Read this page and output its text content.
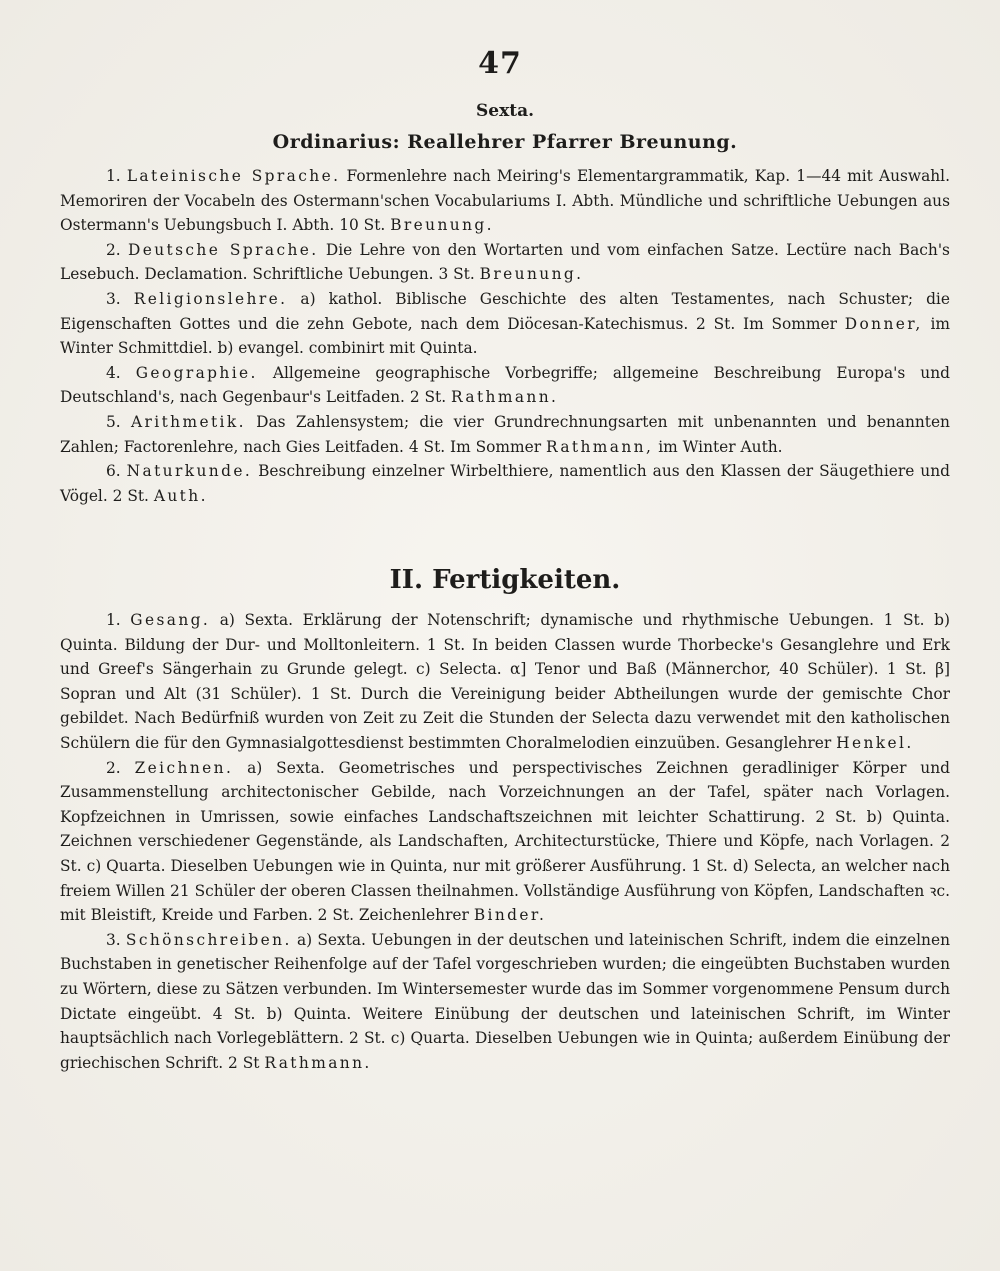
47
Sexta.
Ordinarius: Reallehrer Pfarrer Breunung.

1. Lateinische Sprache. Formenlehre nach Meiring's Elementargrammatik, Kap. 1—44 mit Auswahl. Memoriren der Vocabeln des Ostermann'schen Vocabulariums I. Abth. Mündliche und schriftliche Uebungen aus Ostermann's Uebungsbuch I. Abth. 10 St. Breunung.

2. Deutsche Sprache. Die Lehre von den Wortarten und vom einfachen Satze. Lectüre nach Bach's Lesebuch. Declamation. Schriftliche Uebungen. 3 St. Breunung.

3. Religionslehre. a) kathol. Biblische Geschichte des alten Testamentes, nach Schuster; die Eigenschaften Gottes und die zehn Gebote, nach dem Diöcesan-Katechismus. 2 St. Im Sommer Donner, im Winter Schmittdiel. b) evangel. combinirt mit Quinta.

4. Geographie. Allgemeine geographische Vorbegriffe; allgemeine Beschreibung Europa's und Deutschland's, nach Gegenbaur's Leitfaden. 2 St. Rathmann.

5. Arithmetik. Das Zahlensystem; die vier Grundrechnungsarten mit unbenannten und benannten Zahlen; Factorenlehre, nach Gies Leitfaden. 4 St. Im Sommer Rathmann, im Winter Auth.

6. Naturkunde. Beschreibung einzelner Wirbelthiere, namentlich aus den Klassen der Säugethiere und Vögel. 2 St. Auth.

II. Fertigkeiten.

1. Gesang. a) Sexta. Erklärung der Notenschrift; dynamische und rhythmische Uebungen. 1 St. b) Quinta. Bildung der Dur- und Molltonleitern. 1 St. In beiden Classen wurde Thorbecke's Gesanglehre und Erk und Greef's Sängerhain zu Grunde gelegt. c) Selecta. α] Tenor und Baß (Männerchor, 40 Schüler). 1 St. β] Sopran und Alt (31 Schüler). 1 St. Durch die Vereinigung beider Abtheilungen wurde der gemischte Chor gebildet. Nach Bedürfniß wurden von Zeit zu Zeit die Stunden der Selecta dazu verwendet mit den katholischen Schülern die für den Gymnasialgottesdienst bestimmten Choralmelodien einzuüben. Gesanglehrer Henkel.

2. Zeichnen. a) Sexta. Geometrisches und perspectivisches Zeichnen geradliniger Körper und Zusammenstellung architectonischer Gebilde, nach Vorzeichnungen an der Tafel, später nach Vorlagen. Kopfzeichnen in Umrissen, sowie einfaches Landschaftszeichnen mit leichter Schattirung. 2 St. b) Quinta. Zeichnen verschiedener Gegenstände, als Landschaften, Architecturstücke, Thiere und Köpfe, nach Vorlagen. 2 St. c) Quarta. Dieselben Uebungen wie in Quinta, nur mit größerer Ausführung. 1 St. d) Selecta, an welcher nach freiem Willen 21 Schüler der oberen Classen theilnahmen. Vollständige Ausführung von Köpfen, Landschaften ꝛc. mit Bleistift, Kreide und Farben. 2 St. Zeichenlehrer Binder.

3. Schönschreiben. a) Sexta. Uebungen in der deutschen und lateinischen Schrift, indem die einzelnen Buchstaben in genetischer Reihenfolge auf der Tafel vorgeschrieben wurden; die eingeübten Buchstaben wurden zu Wörtern, diese zu Sätzen verbunden. Im Wintersemester wurde das im Sommer vorgenommene Pensum durch Dictate eingeübt. 4 St. b) Quinta. Weitere Einübung der deutschen und lateinischen Schrift, im Winter hauptsächlich nach Vorlegeblättern. 2 St. c) Quarta. Dieselben Uebungen wie in Quinta; außerdem Einübung der griechischen Schrift. 2 St Rathmann.
